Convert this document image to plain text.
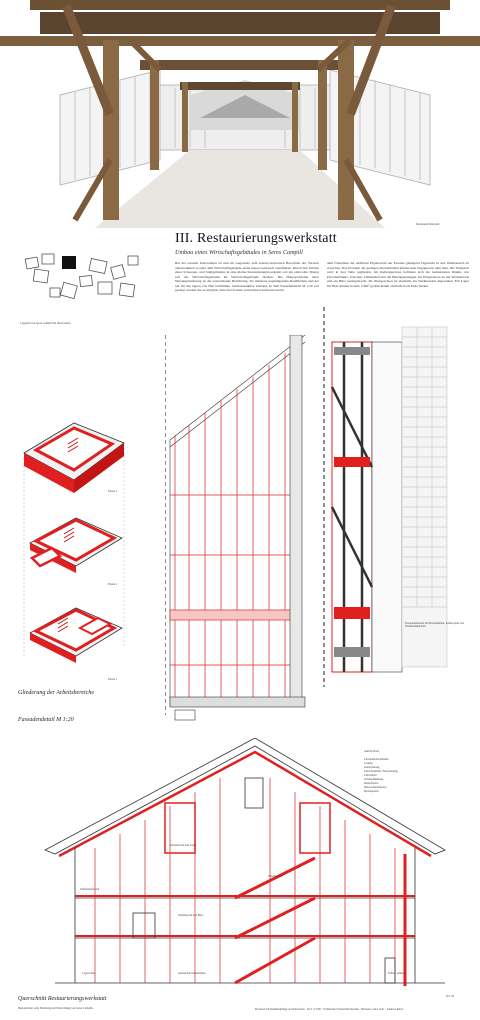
Innenraum Werkstatt
III. Restaurierungswerkstatt
Umbau eines Wirtschaftsgebäudes in Seres Campill
Bei der zweiten Intervention ist nun im Gegensatz zum konservatorischen Bewahren der Versuch unternommen worden dem Wirtschaftsgebäude einen neuen Gebrauch zuzuführen. Durch den Umbau eines Scheunen- und Stallgebäudes in eine kleine Restaurierungswerkstatt soll ein sinnvoller Dialog soll das Wirtschaftsgebäude im Wirtschaftsgebäude bleiben. Die Hauptprobleme einer Nutzungsänderung ist die ausreichende Belichtung, die meistens ungenügenden Raumhöhen und der nur für das lagern von Heu bestimmte, baukonstruktive Zustand. In dem Fassadendetail M 1:20 soll gezeigt werden das es möglich wäre durch einen vertretbaren Aufwand und in
dem Übereinen der additiven Eigenschaft der Fassade genügend Tageslicht in den Werkbereich zu erreichen. Das Problem der geringen Deckenhöhen könnte man begegnen in dem man. Die Werkstatt wird in drei Teile gegliedert. Im Kellergeschoss befinden sich die bedeutenden Räume wie Personalräume, Toiletten, Umkleiden und die Heizungsanlagen. Im Erdgeschoss ist ein Werkbereich und ein Büro untergebracht. Im Obergeschoss ist ebenfalls ein Werkbereich angeordnet. Ein Lager für Holz könnte in dem 110m² großen Raum oberhalb noch Platz finden.
Lageplan von Seres Campill mit Intervention
Ebene 3
Ebene 2
Ebene 1
Gliederung der Arbeitsbereiche
Fassadendetail M 1:20
Fassadenelement mit Holzlamellen, Kalkverputz aus Wärmedämm-Putz
Aufbau Dach
Lärchenholzschindeln
Lattung
Konterlattung
Unterdeckbahn, Holzschalung
Luftschicht
Wärmedämmung
Dampfsperre
Holzwerkstoffplatte
Deckenplatte
Werkbereich und Lager
Werkbereich
Umkleidebereich
Werkbereich und Büro
Lagerräume	bedeutende Nebenräume	Schieb. einheit
Querschnitt Restaurierungswerkstatt
Diplomarbeit «Zur Erhaltung und Entwicklung von Seres Campill»
M 1:50
Professur für Denkmalpflege und Entwerfen · Prof. T. Will · Technische Universität Dresden · Betreuer: cand. arch. · Andreas Pardo
